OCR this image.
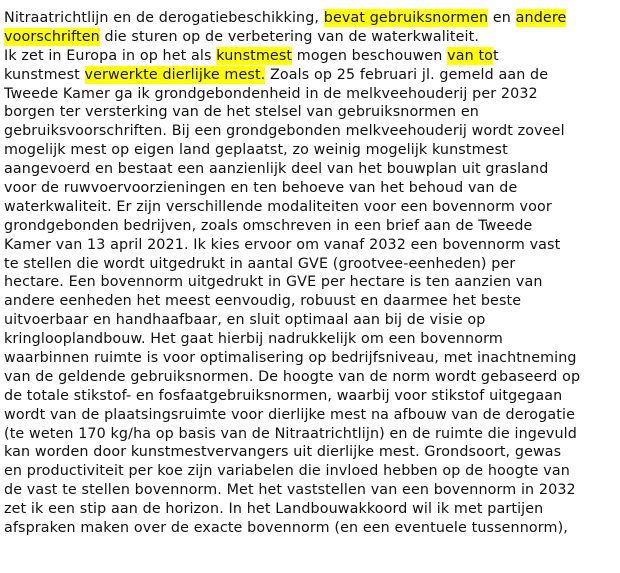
Nitraatrichtlijn en de derogatiebeschikking, bevat gebruiksnormen en andere
voorschriften die sturen op de verbetering van de waterkwaliteit.
Ik zet in Europa in op het als kunstmest mogen beschouwen van tot
kunstmest verwerkte dierlijke mest. Zoals op 25 februari jl. gemeld aan de
Tweede Kamer ga ik grondgebondenheid in de melkveehouderij per 2032
borgen ter versterking van de het stelsel van gebruiksnormen en
gebruiksvoorschriften. Bij een grondgebonden melkveehouderij wordt zoveel
mogelijk mest op eigen land geplaatst, zo weinig mogelijk kunstmest
aangevoerd en bestaat een aanzienlijk deel van het bouwplan uit grasland
voor de ruwvoervoorzieningen en ten behoeve van het behoud van de
waterkwaliteit. Er zijn verschillende modaliteiten voor een bovennorm voor
grondgebonden bedrijven, zoals omschreven in een brief aan de Tweede
Kamer van 13 april 2021. Ik kies ervoor om vanaf 2032 een bovennorm vast
te stellen die wordt uitgedrukt in aantal GVE (grootvee-eenheden) per
hectare. Een bovennorm uitgedrukt in GVE per hectare is ten aanzien van
andere eenheden het meest eenvoudig, robuust en daarmee het beste
uitvoerbaar en handhaafbaar, en sluit optimaal aan bij de visie op
kringlooplandbouw. Het gaat hierbij nadrukkelijk om een bovennorm
waarbinnen ruimte is voor optimalisering op bedrijfsniveau, met inachtneming
van de geldende gebruiksnormen. De hoogte van de norm wordt gebaseerd op
de totale stikstof- en fosfaatgebruiksnormen, waarbij voor stikstof uitgegaan
wordt van de plaatsingsruimte voor dierlijke mest na afbouw van de derogatie
(te weten 170 kg/ha op basis van de Nitraatrichtlijn) en de ruimte die ingevuld
kan worden door kunstmestvervangers uit dierlijke mest. Grondsoort, gewas
en productiviteit per koe zijn variabelen die invloed hebben op de hoogte van
de vast te stellen bovennorm. Met het vaststellen van een bovennorm in 2032
zet ik een stip aan de horizon. In het Landbouwakkoord wil ik met partijen
afspraken maken over de exacte bovennorm (en een eventuele tussennorm),
